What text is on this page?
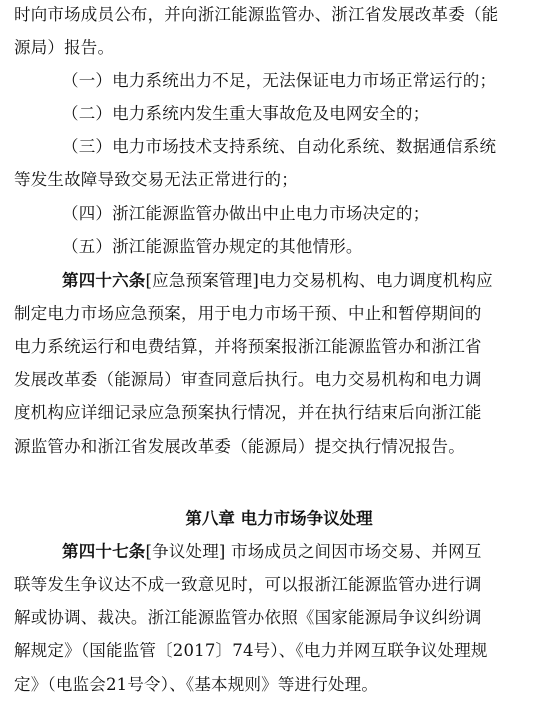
时向市场成员公布，并向浙江能源监管办、浙江省发展改革委（能
源局）报告。
（一）电力系统出力不足，无法保证电力市场正常运行的；
（二）电力系统内发生重大事故危及电网安全的；
（三）电力市场技术支持系统、自动化系统、数据通信系统
等发生故障导致交易无法正常进行的；
（四）浙江能源监管办做出中止电力市场决定的；
（五）浙江能源监管办规定的其他情形。
第四十六条[应急预案管理]电力交易机构、电力调度机构应
制定电力市场应急预案，用于电力市场干预、中止和暂停期间的
电力系统运行和电费结算，并将预案报浙江能源监管办和浙江省
发展改革委（能源局）审查同意后执行。电力交易机构和电力调
度机构应详细记录应急预案执行情况，并在执行结束后向浙江能
源监管办和浙江省发展改革委（能源局）提交执行情况报告。
第八章 电力市场争议处理
第四十七条[争议处理] 市场成员之间因市场交易、并网互
联等发生争议达不成一致意见时，可以报浙江能源监管办进行调
解或协调、裁决。浙江能源监管办依照《国家能源局争议纠纷调
解规定》（国能监管〔2017〕74号）、《电力并网互联争议处理规
定》（电监会21号令）、《基本规则》等进行处理。
